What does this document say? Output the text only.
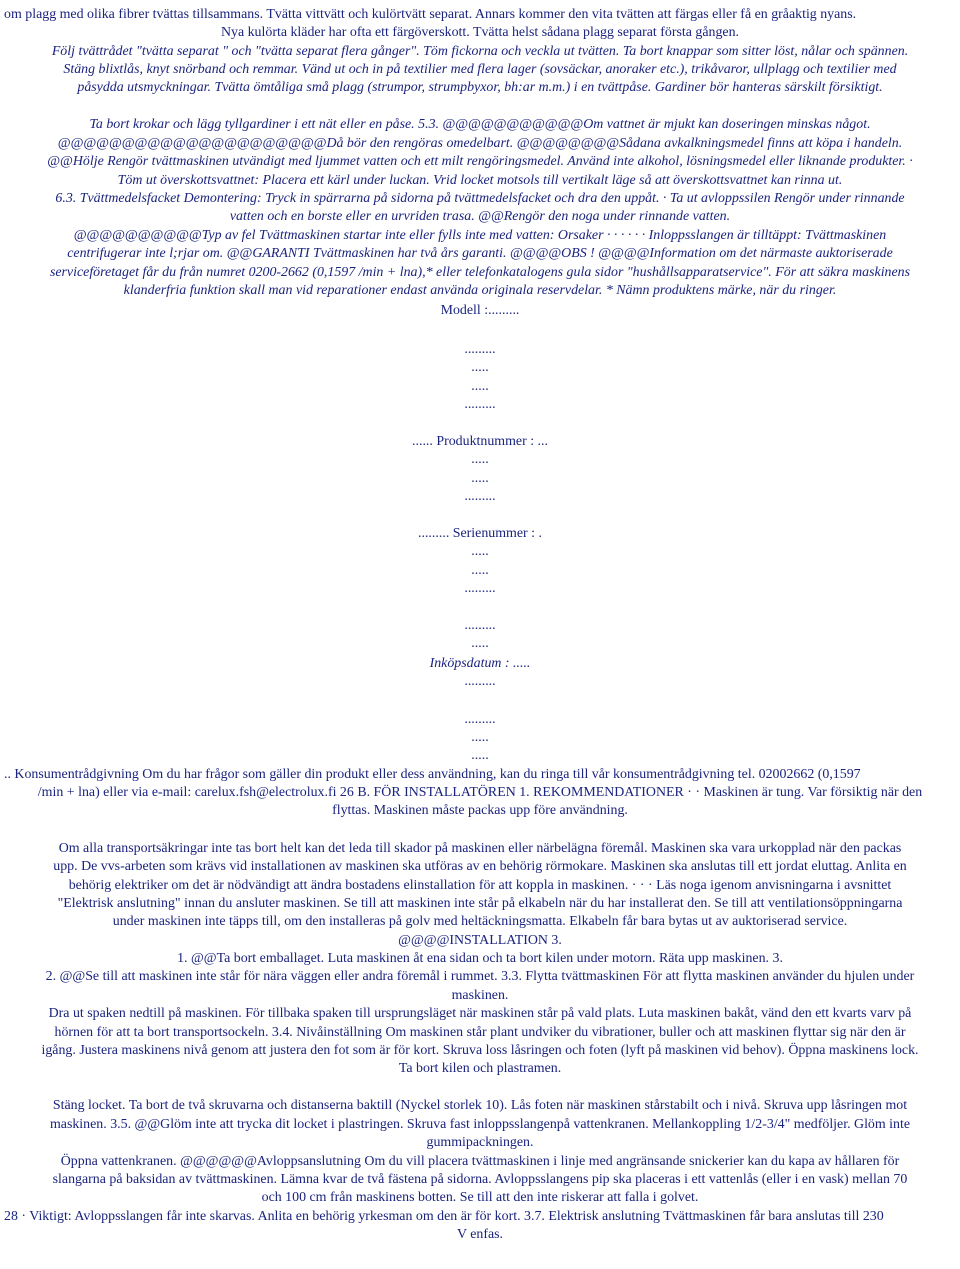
om plagg med olika fibrer tvättas tillsammans. Tvätta vittvätt och kulörtvätt separat. Annars kommer den vita tvätten att färgas eller få en gråaktig nyans.
Nya kulörta kläder har ofta ett färgöverskott. Tvätta helst sådana plagg separat första gången.
Följ tvättrådet "tvätta separat " och "tvätta separat flera gånger". Töm fickorna och veckla ut tvätten. Ta bort knappar som sitter löst, nålar och spännen.
Stäng blixtlås, knyt snörband och remmar. Vänd ut och in på textilier med flera lager (sovsäckar, anoraker etc.), trikåvaror, ullplagg och textilier med
påsydda utsmyckningar. Tvätta ömtåliga små plagg (strumpor, strumpbyxor, bh:ar m.m.) i en tvättpåse. Gardiner bör hanteras särskilt försiktigt.
Ta bort krokar och lägg tyllgardiner i ett nät eller en påse. 5.3. @@@@@@@@@@@Om vattnet är mjukt kan doseringen minskas något.
@@@@@@@@@@@@@@@@@@@@@Då bör den rengöras omedelbart. @@@@@@@@Sådana avkalkningsmedel finns att köpa i handeln.
@@Hölje Rengör tvättmaskinen utvändigt med ljummet vatten och ett milt rengöringsmedel. Använd inte alkohol, lösningsmedel eller liknande produkter. ·
Töm ut överskottsvattnet: Placera ett kärl under luckan. Vrid locket motsols till vertikalt läge så att överskottsvattnet kan rinna ut.
6.3. Tvättmedelsfacket Demontering: Tryck in spärrarna på sidorna på tvättmedelsfacket och dra den uppåt. · Ta ut avloppssilen Rengör under rinnande
vatten och en borste eller en urvriden trasa. @@Rengör den noga under rinnande vatten.
@@@@@@@@@@Typ av fel Tvättmaskinen startar inte eller fylls inte med vatten: Orsaker · · · · · · Inloppsslangen är tilltäppt: Tvättmaskinen
centrifugerar inte l;rjar om. @@GARANTI Tvättmaskinen har två års garanti. @@@@OBS ! @@@@Information om det närmaste auktoriserade
serviceföretaget får du från numret 0200-2662 (0,1597 /min + lna),* eller telefonkatalogens gula sidor "hushållsapparatservice". För att säkra maskinens
klanderfria funktion skall man vid reparationer endast använda originala reservdelar. * Nämn produktens märke, när du ringer.
Modell :.........
.........
.....
.....
.........
...... Produktnummer : ...
.....
.....
.........
......... Serienummer : .
.....
.....
.........
.........
.....
Inköpsdatum : .....
.........
.........
.....
.....
.. Konsumentrådgivning Om du har frågor som gäller din produkt eller dess användning, kan du ringa till vår konsumentrådgivning tel. 02002662 (0,1597
/min + lna) eller via e-mail: carelux.fsh@electrolux.fi 26 B. FÖR INSTALLATÖREN 1. REKOMMENDATIONER · · Maskinen är tung. Var försiktig när den
flyttas. Maskinen måste packas upp före användning.
Om alla transportsäkringar inte tas bort helt kan det leda till skador på maskinen eller närbelägna föremål. Maskinen ska vara urkopplad när den packas
upp. De vvs-arbeten som krävs vid installationen av maskinen ska utföras av en behörig rörmokare. Maskinen ska anslutas till ett jordat eluttag. Anlita en
behörig elektriker om det är nödvändigt att ändra bostadens elinstallation för att koppla in maskinen. · · · Läs noga igenom anvisningarna i avsnittet
"Elektrisk anslutning" innan du ansluter maskinen. Se till att maskinen inte står på elkabeln när du har installerat den. Se till att ventilationsöppningarna
under maskinen inte täpps till, om den installeras på golv med heltäckningsmatta. Elkabeln får bara bytas ut av auktoriserad service.
@@@@INSTALLATION 3.
1. @@Ta bort emballaget. Luta maskinen åt ena sidan och ta bort kilen under motorn. Räta upp maskinen. 3.
2. @@Se till att maskinen inte står för nära väggen eller andra föremål i rummet. 3.3. Flytta tvättmaskinen För att flytta maskinen använder du hjulen under
maskinen.
Dra ut spaken nedtill på maskinen. För tillbaka spaken till ursprungsläget när maskinen står på vald plats. Luta maskinen bakåt, vänd den ett kvarts varv på
hörnen för att ta bort transportsockeln. 3.4. Nivåinställning Om maskinen står plant undviker du vibrationer, buller och att maskinen flyttar sig när den är
igång. Justera maskinens nivå genom att justera den fot som är för kort. Skruva loss låsringen och foten (lyft på maskinen vid behov). Öppna maskinens lock.
Ta bort kilen och plastramen.
Stäng locket. Ta bort de två skruvarna och distanserna baktill (Nyckel storlek 10). Lås foten när maskinen stårstabilt och i nivå. Skruva upp låsringen mot
maskinen. 3.5. @@Glöm inte att trycka dit locket i plastringen. Skruva fast inloppsslangenpå vattenkranen. Mellankoppling 1/2-3/4" medföljer. Glöm inte
gummipackningen.
Öppna vattenkranen. @@@@@@Avloppsanslutning Om du vill placera tvättmaskinen i linje med angränsande snickerier kan du kapa av hållaren för
slangarna på baksidan av tvättmaskinen. Lämna kvar de två fästena på sidorna. Avloppsslangens pip ska placeras i ett vattenlås (eller i en vask) mellan 70
och 100 cm från maskinens botten. Se till att den inte riskerar att falla i golvet.
28 · Viktigt: Avloppsslangen får inte skarvas. Anlita en behörig yrkesman om den är för kort. 3.7. Elektrisk anslutning Tvättmaskinen får bara anslutas till 230
V enfas.
